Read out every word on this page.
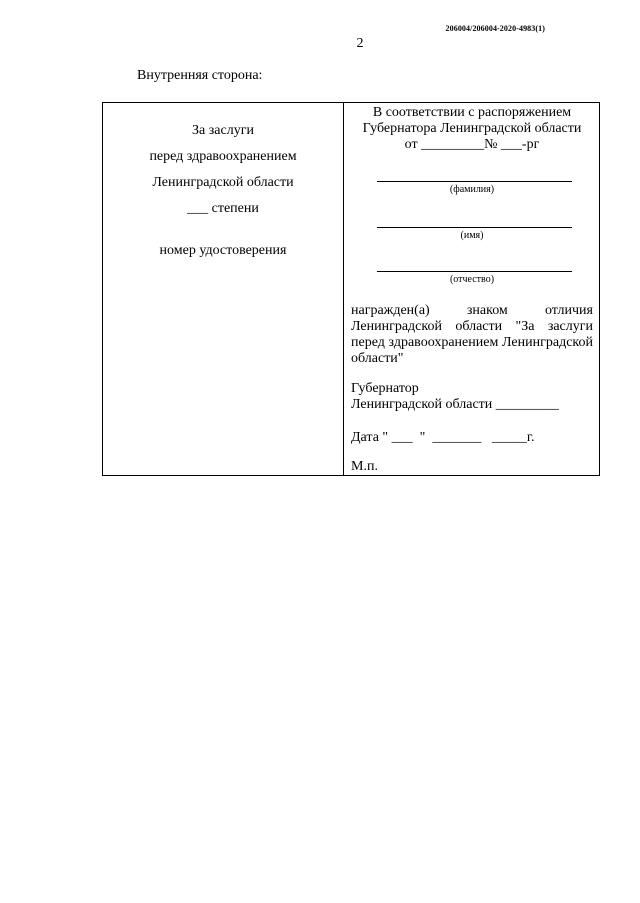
206004/206004-2020-4983(1)
2
Внутренняя сторона:
За заслуги
перед здравоохранением
Ленинградской области
___ степени
номер удостоверения
В соответствии с распоряжением
Губернатора Ленинградской области
от _________№ ___-рг
(фамилия)
(имя)
(отчество)
награжден(а) знаком отличия Ленинградской области "За заслуги перед здравоохранением Ленинградской области"
Губернатор
Ленинградской области _________
Дата " ___  "  _______   _____г.
М.п.
